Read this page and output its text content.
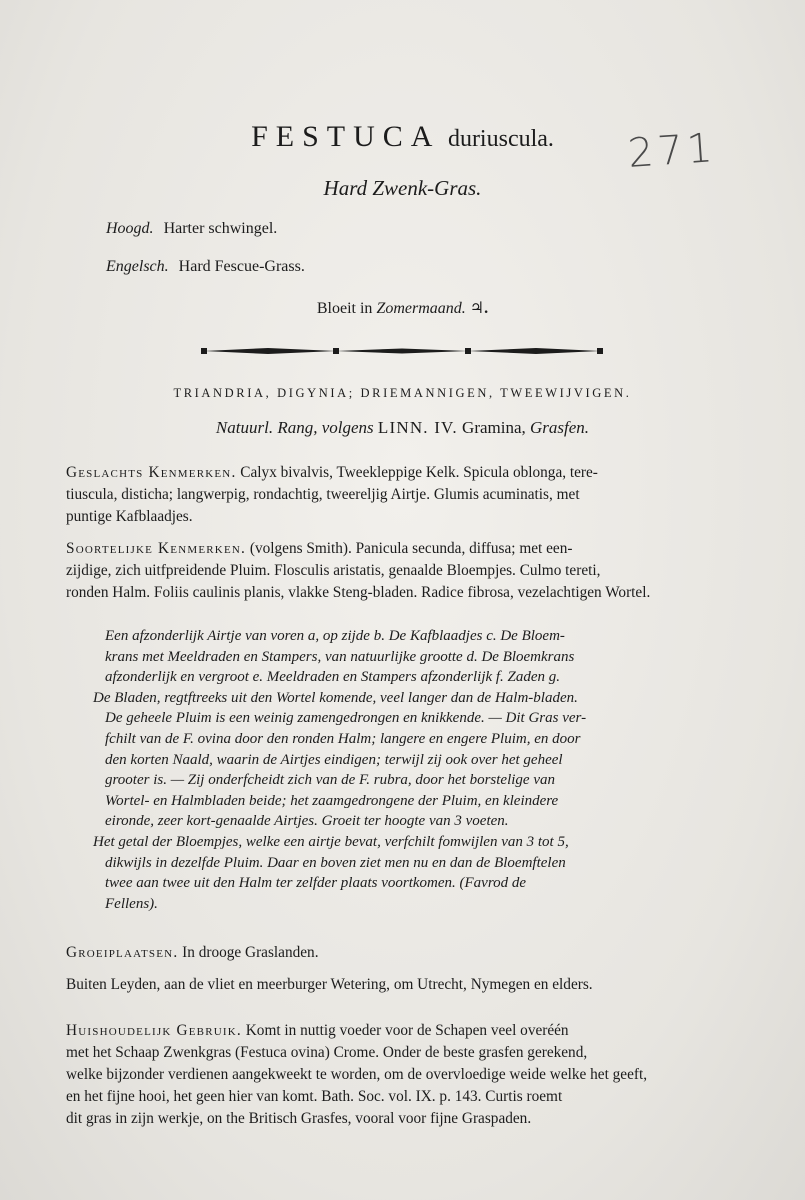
FESTUCA duriuscula.	271
Hard Zwenk-Gras.
Hoogd. Harter schwingel.
Engelsch. Hard Fescue-Grass.
Bloeit in Zomermaand. ♃.
TRIANDRIA, DIGYNIA; DRIEMANNIGEN, TWEEWIJVIGEN.
Natuurl. Rang, volgens LINN. IV. Gramina, Grasfen.
Geslachts Kenmerken. Calyx bivalvis, Tweekleppige Kelk. Spicula oblonga, tere-
tiuscula, disticha; langwerpig, rondachtig, tweereljig Airtje. Glumis acuminatis, met
puntige Kafblaadjes.
Soortelijke Kenmerken. (volgens Smith). Panicula secunda, diffusa; met een-
zijdige, zich uitfpreidende Pluim. Flosculis aristatis, genaalde Bloempjes. Culmo tereti,
ronden Halm. Foliis caulinis planis, vlakke Steng-bladen. Radice fibrosa, vezelachtigen Wortel.
Een afzonderlijk Airtje van voren a, op zijde b. De Kafblaadjes c. De Bloem-
krans met Meeldraden en Stampers, van natuurlijke grootte d. De Bloemkrans
afzonderlijk en vergroot e. Meeldraden en Stampers afzonderlijk f. Zaden g.
De Bladen, regtftreeks uit den Wortel komende, veel langer dan de Halm-bladen.
De geheele Pluim is een weinig zamengedrongen en knikkende. — Dit Gras ver-
fchilt van de F. ovina door den ronden Halm; langere en engere Pluim, en door
den korten Naald, waarin de Airtjes eindigen; terwijl zij ook over het geheel
grooter is. — Zij onderfcheidt zich van de F. rubra, door het borstelige van
Wortel- en Halmbladen beide; het zaamgedrongene der Pluim, en kleindere
eironde, zeer kort-genaalde Airtjes. Groeit ter hoogte van 3 voeten.
Het getal der Bloempjes, welke een airtje bevat, verfchilt fomwijlen van 3 tot 5,
dikwijls in dezelfde Pluim. Daar en boven ziet men nu en dan de Bloemftelen
twee aan twee uit den Halm ter zelfder plaats voortkomen. (Favrod de
Fellens).
Groeiplaatsen. In drooge Graslanden.
Buiten Leyden, aan de vliet en meerburger Wetering, om Utrecht, Nymegen en elders.
Huishoudelijk Gebruik. Komt in nuttig voeder voor de Schapen veel overéén
met het Schaap Zwenkgras (Festuca ovina) Crome. Onder de beste grasfen gerekend,
welke bijzonder verdienen aangekweekt te worden, om de overvloedige weide welke het geeft,
en het fijne hooi, het geen hier van komt. Bath. Soc. vol. IX. p. 143. Curtis roemt
dit gras in zijn werkje, on the Britisch Grasfes, vooral voor fijne Graspaden.
